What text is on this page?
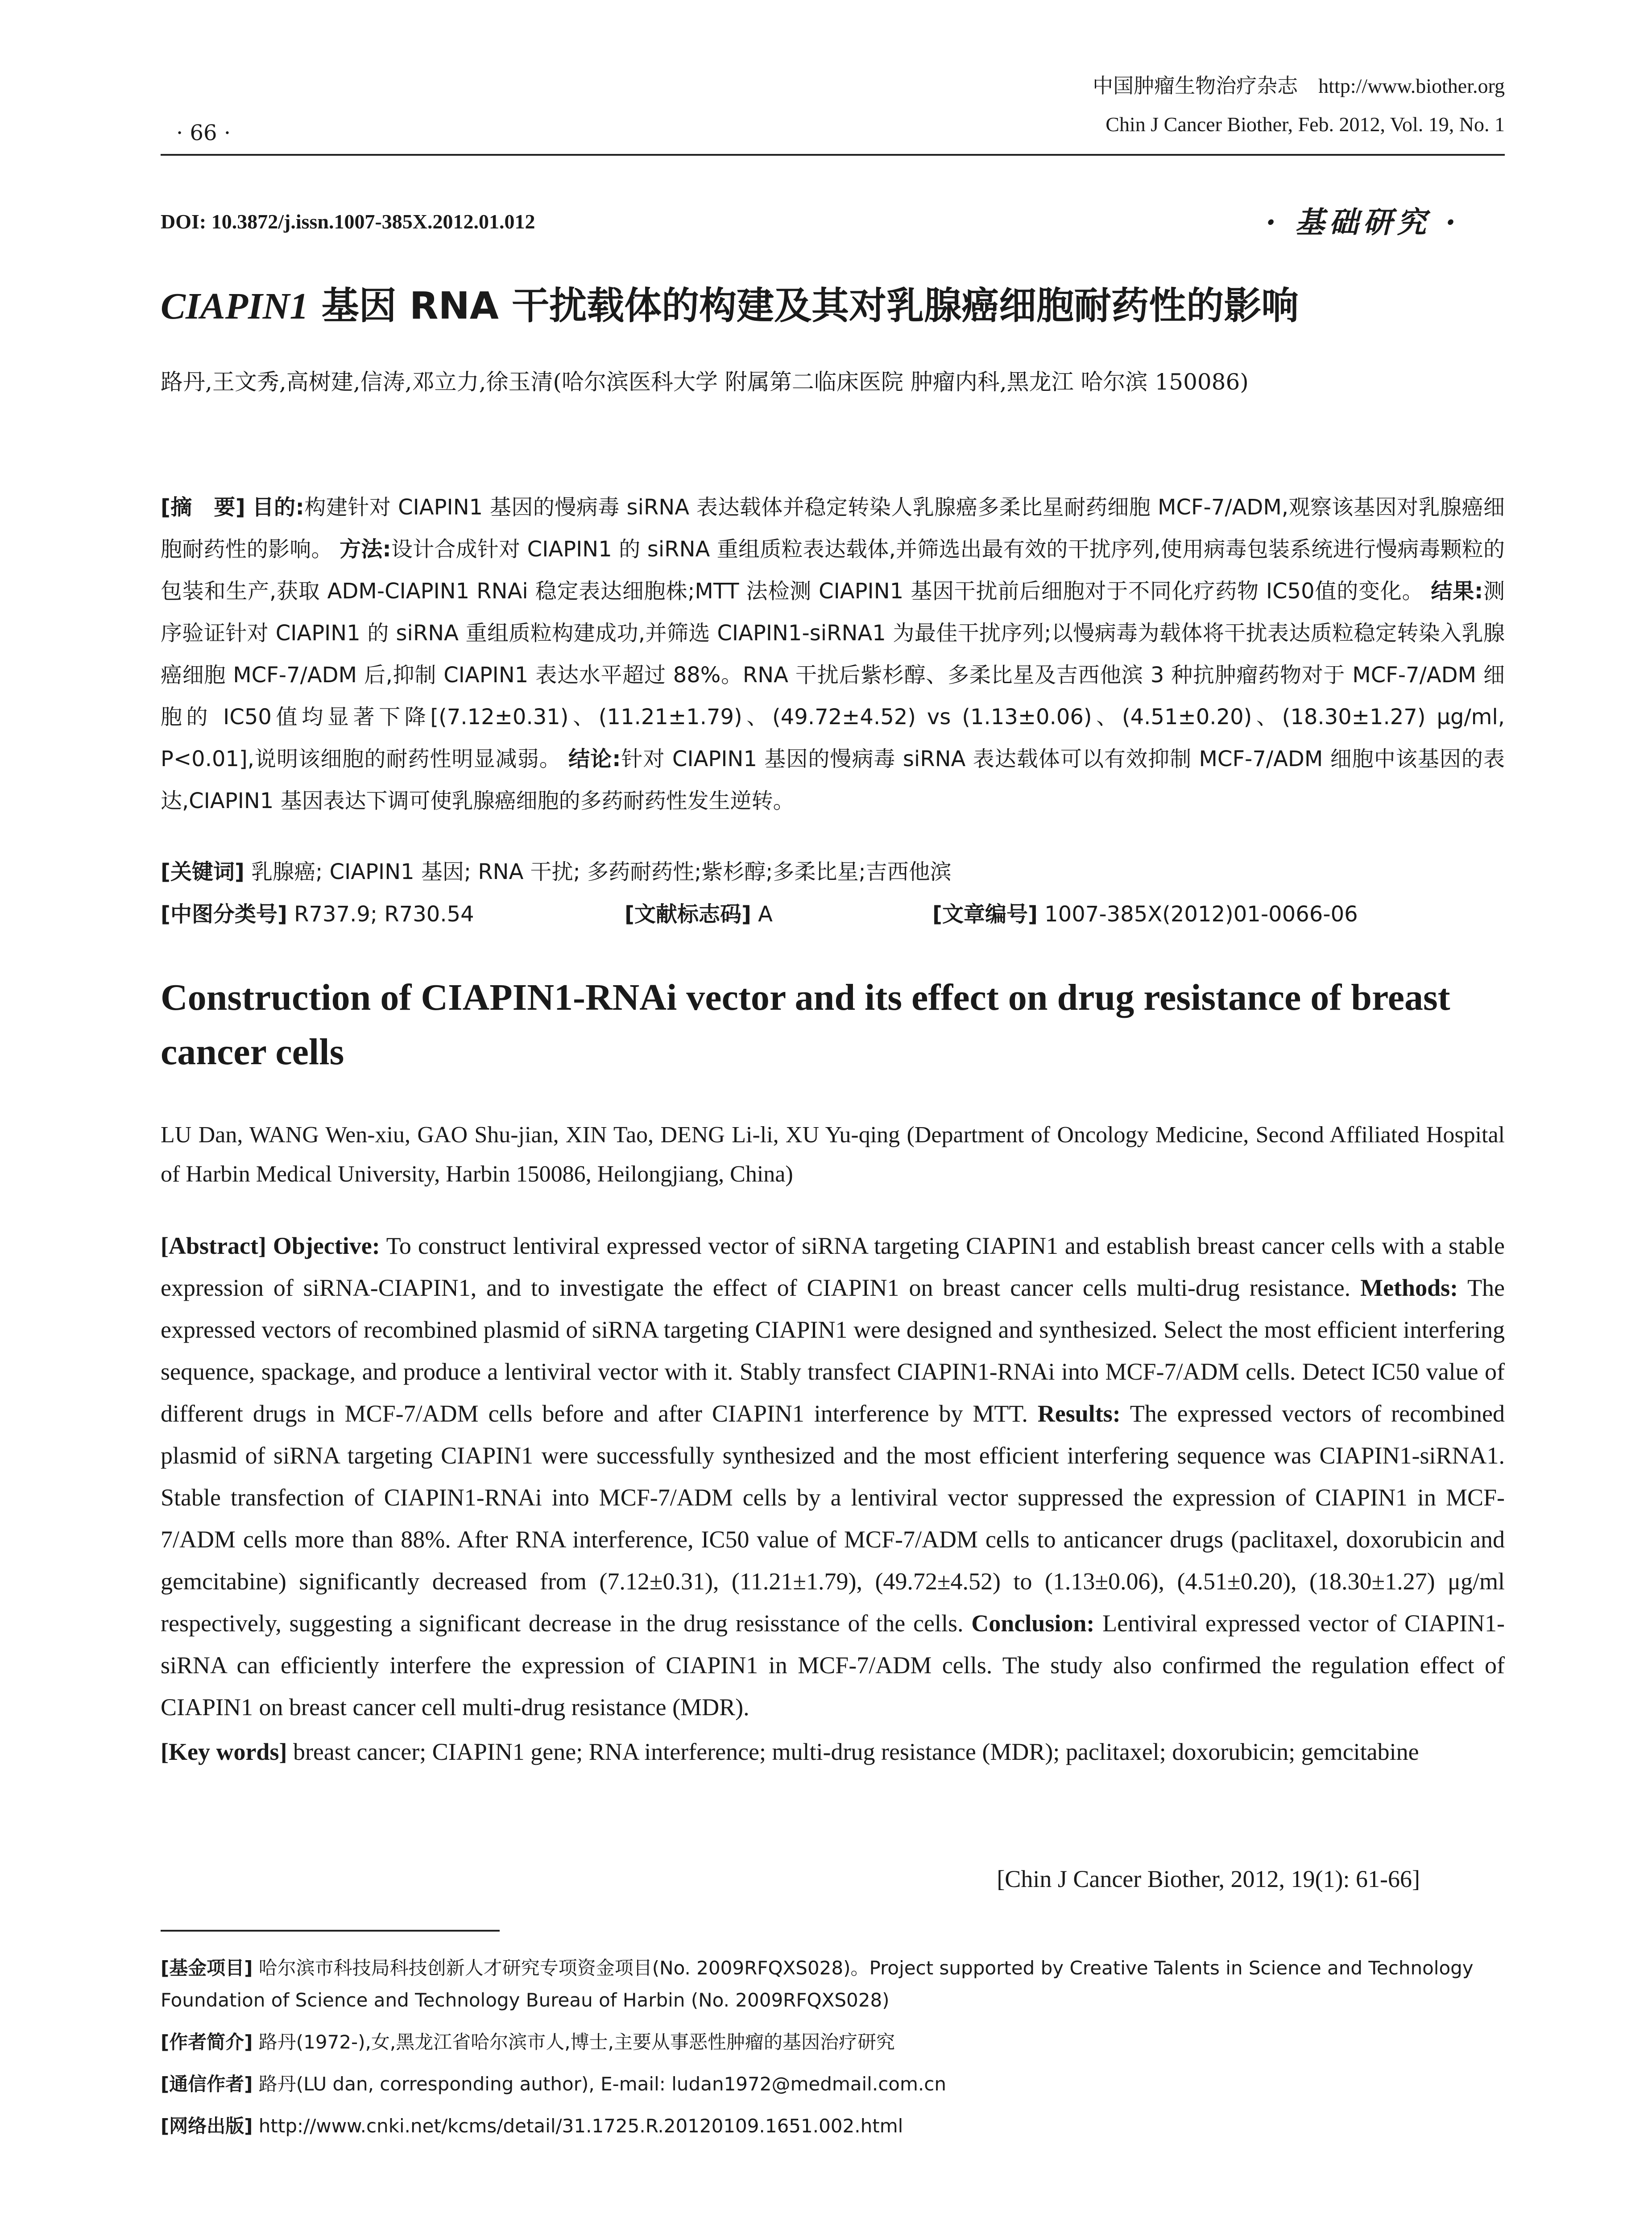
· 66 ·
中国肿瘤生物治疗杂志　http://www.biother.org
Chin J Cancer Biother, Feb. 2012, Vol. 19, No. 1
DOI: 10.3872/j.issn.1007-385X.2012.01.012	· 基础研究 ·
CIAPIN1 基因 RNA 干扰载体的构建及其对乳腺癌细胞耐药性的影响
路丹,王文秀,高树建,信涛,邓立力,徐玉清(哈尔滨医科大学 附属第二临床医院 肿瘤内科,黑龙江 哈尔滨 150086)
[摘　要] 目的:构建针对 CIAPIN1 基因的慢病毒 siRNA 表达载体并稳定转染人乳腺癌多柔比星耐药细胞 MCF-7/ADM,观察该基因对乳腺癌细胞耐药性的影响。 方法:设计合成针对 CIAPIN1 的 siRNA 重组质粒表达载体,并筛选出最有效的干扰序列,使用病毒包装系统进行慢病毒颗粒的包装和生产,获取 ADM-CIAPIN1 RNAi 稳定表达细胞株;MTT 法检测 CIAPIN1 基因干扰前后细胞对于不同化疗药物 IC50值的变化。 结果:测序验证针对 CIAPIN1 的 siRNA 重组质粒构建成功,并筛选 CIAPIN1-siRNA1 为最佳干扰序列;以慢病毒为载体将干扰表达质粒稳定转染入乳腺癌细胞 MCF-7/ADM 后,抑制 CIAPIN1 表达水平超过 88%。RNA 干扰后紫杉醇、多柔比星及吉西他滨 3 种抗肿瘤药物对于 MCF-7/ADM 细胞的 IC50值均显著下降[(7.12±0.31)、(11.21±1.79)、(49.72±4.52) vs (1.13±0.06)、(4.51±0.20)、(18.30±1.27) μg/ml, P<0.01],说明该细胞的耐药性明显减弱。 结论:针对 CIAPIN1 基因的慢病毒 siRNA 表达载体可以有效抑制 MCF-7/ADM 细胞中该基因的表达,CIAPIN1 基因表达下调可使乳腺癌细胞的多药耐药性发生逆转。
[关键词] 乳腺癌; CIAPIN1 基因; RNA 干扰; 多药耐药性;紫杉醇;多柔比星;吉西他滨
[中图分类号] R737.9; R730.54	[文献标志码] A	[文章编号] 1007-385X(2012)01-0066-06
Construction of CIAPIN1-RNAi vector and its effect on drug resistance of breast cancer cells
LU Dan, WANG Wen-xiu, GAO Shu-jian, XIN Tao, DENG Li-li, XU Yu-qing (Department of Oncology Medicine, Second Affiliated Hospital of Harbin Medical University, Harbin 150086, Heilongjiang, China)
[Abstract] Objective: To construct lentiviral expressed vector of siRNA targeting CIAPIN1 and establish breast cancer cells with a stable expression of siRNA-CIAPIN1, and to investigate the effect of CIAPIN1 on breast cancer cells multi-drug resistance. Methods: The expressed vectors of recombined plasmid of siRNA targeting CIAPIN1 were designed and synthesized. Select the most efficient interfering sequence, spackage, and produce a lentiviral vector with it. Stably transfect CIAPIN1-RNAi into MCF-7/ADM cells. Detect IC50 value of different drugs in MCF-7/ADM cells before and after CIAPIN1 interference by MTT. Results: The expressed vectors of recombined plasmid of siRNA targeting CIAPIN1 were successfully synthesized and the most efficient interfering sequence was CIAPIN1-siRNA1. Stable transfection of CIAPIN1-RNAi into MCF-7/ADM cells by a lentiviral vector suppressed the expression of CIAPIN1 in MCF-7/ADM cells more than 88%. After RNA interference, IC50 value of MCF-7/ADM cells to anticancer drugs (paclitaxel, doxorubicin and gemcitabine) significantly decreased from (7.12±0.31), (11.21±1.79), (49.72±4.52) to (1.13±0.06), (4.51±0.20), (18.30±1.27) μg/ml respectively, suggesting a significant decrease in the drug resisstance of the cells. Conclusion: Lentiviral expressed vector of CIAPIN1-siRNA can efficiently interfere the expression of CIAPIN1 in MCF-7/ADM cells. The study also confirmed the regulation effect of CIAPIN1 on breast cancer cell multi-drug resistance (MDR).

[Key words] breast cancer; CIAPIN1 gene; RNA interference; multi-drug resistance (MDR); paclitaxel; doxorubicin; gemcitabine

[Chin J Cancer Biother, 2012, 19(1): 61-66]

[基金项目] 哈尔滨市科技局科技创新人才研究专项资金项目(No. 2009RFQXS028)。Project supported by Creative Talents in Science and Technology Foundation of Science and Technology Bureau of Harbin (No. 2009RFQXS028)

[作者简介] 路丹(1972-),女,黑龙江省哈尔滨市人,博士,主要从事恶性肿瘤的基因治疗研究

[通信作者] 路丹(LU dan, corresponding author), E-mail: ludan1972@medmail.com.cn

[网络出版] http://www.cnki.net/kcms/detail/31.1725.R.20120109.1651.002.html
